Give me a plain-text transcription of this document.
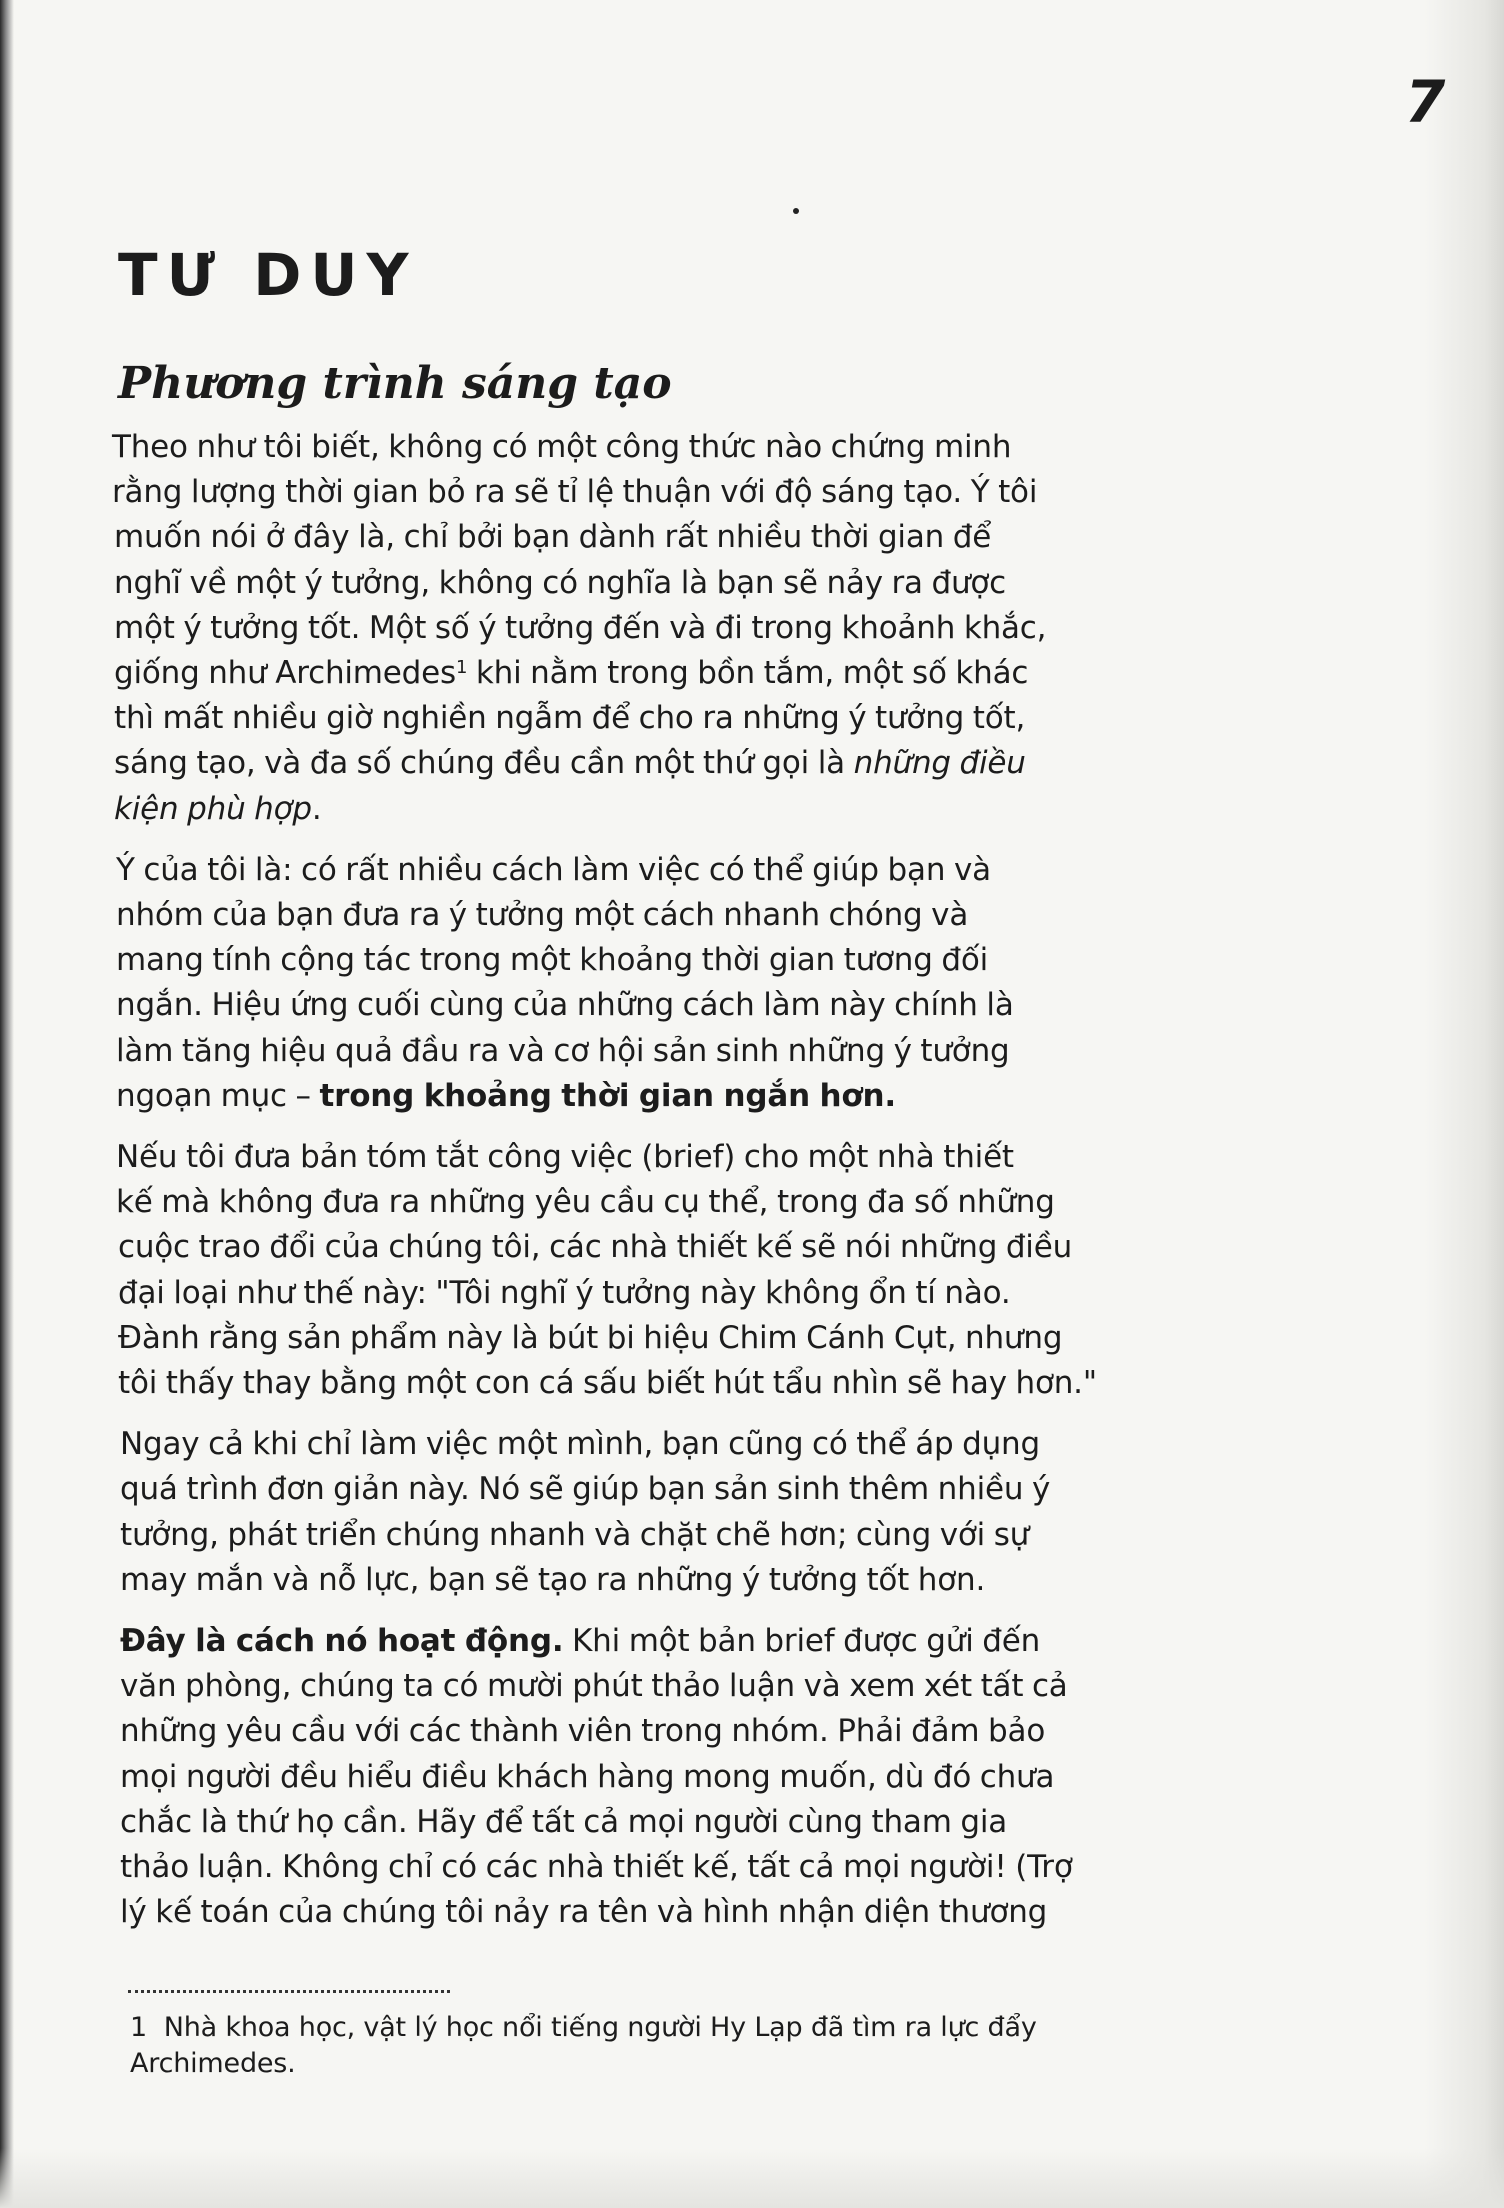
7
TƯ DUY
Phương trình sáng tạo

Theo như tôi biết, không có một công thức nào chứng minh
rằng lượng thời gian bỏ ra sẽ tỉ lệ thuận với độ sáng tạo. Ý tôi
muốn nói ở đây là, chỉ bởi bạn dành rất nhiều thời gian để
nghĩ về một ý tưởng, không có nghĩa là bạn sẽ nảy ra được
một ý tưởng tốt. Một số ý tưởng đến và đi trong khoảnh khắc,
giống như Archimedes$^1$ khi nằm trong bồn tắm, một số khác
thì mất nhiều giờ nghiền ngẫm để cho ra những ý tưởng tốt,
sáng tạo, và đa số chúng đều cần một thứ gọi là những điều
kiện phù hợp.

Ý của tôi là: có rất nhiều cách làm việc có thể giúp bạn và
nhóm của bạn đưa ra ý tưởng một cách nhanh chóng và
mang tính cộng tác trong một khoảng thời gian tương đối
ngắn. Hiệu ứng cuối cùng của những cách làm này chính là
làm tăng hiệu quả đầu ra và cơ hội sản sinh những ý tưởng
ngoạn mục – trong khoảng thời gian ngắn hơn.

Nếu tôi đưa bản tóm tắt công việc (brief) cho một nhà thiết
kế mà không đưa ra những yêu cầu cụ thể, trong đa số những
cuộc trao đổi của chúng tôi, các nhà thiết kế sẽ nói những điều
đại loại như thế này: "Tôi nghĩ ý tưởng này không ổn tí nào.
Đành rằng sản phẩm này là bút bi hiệu Chim Cánh Cụt, nhưng
tôi thấy thay bằng một con cá sấu biết hút tẩu nhìn sẽ hay hơn."

Ngay cả khi chỉ làm việc một mình, bạn cũng có thể áp dụng
quá trình đơn giản này. Nó sẽ giúp bạn sản sinh thêm nhiều ý
tưởng, phát triển chúng nhanh và chặt chẽ hơn; cùng với sự
may mắn và nỗ lực, bạn sẽ tạo ra những ý tưởng tốt hơn.

Đây là cách nó hoạt động. Khi một bản brief được gửi đến
văn phòng, chúng ta có mười phút thảo luận và xem xét tất cả
những yêu cầu với các thành viên trong nhóm. Phải đảm bảo
mọi người đều hiểu điều khách hàng mong muốn, dù đó chưa
chắc là thứ họ cần. Hãy để tất cả mọi người cùng tham gia
thảo luận. Không chỉ có các nhà thiết kế, tất cả mọi người! (Trợ
lý kế toán của chúng tôi nảy ra tên và hình nhận diện thương

1 Nhà khoa học, vật lý học nổi tiếng người Hy Lạp đã tìm ra lực đẩy
Archimedes.
